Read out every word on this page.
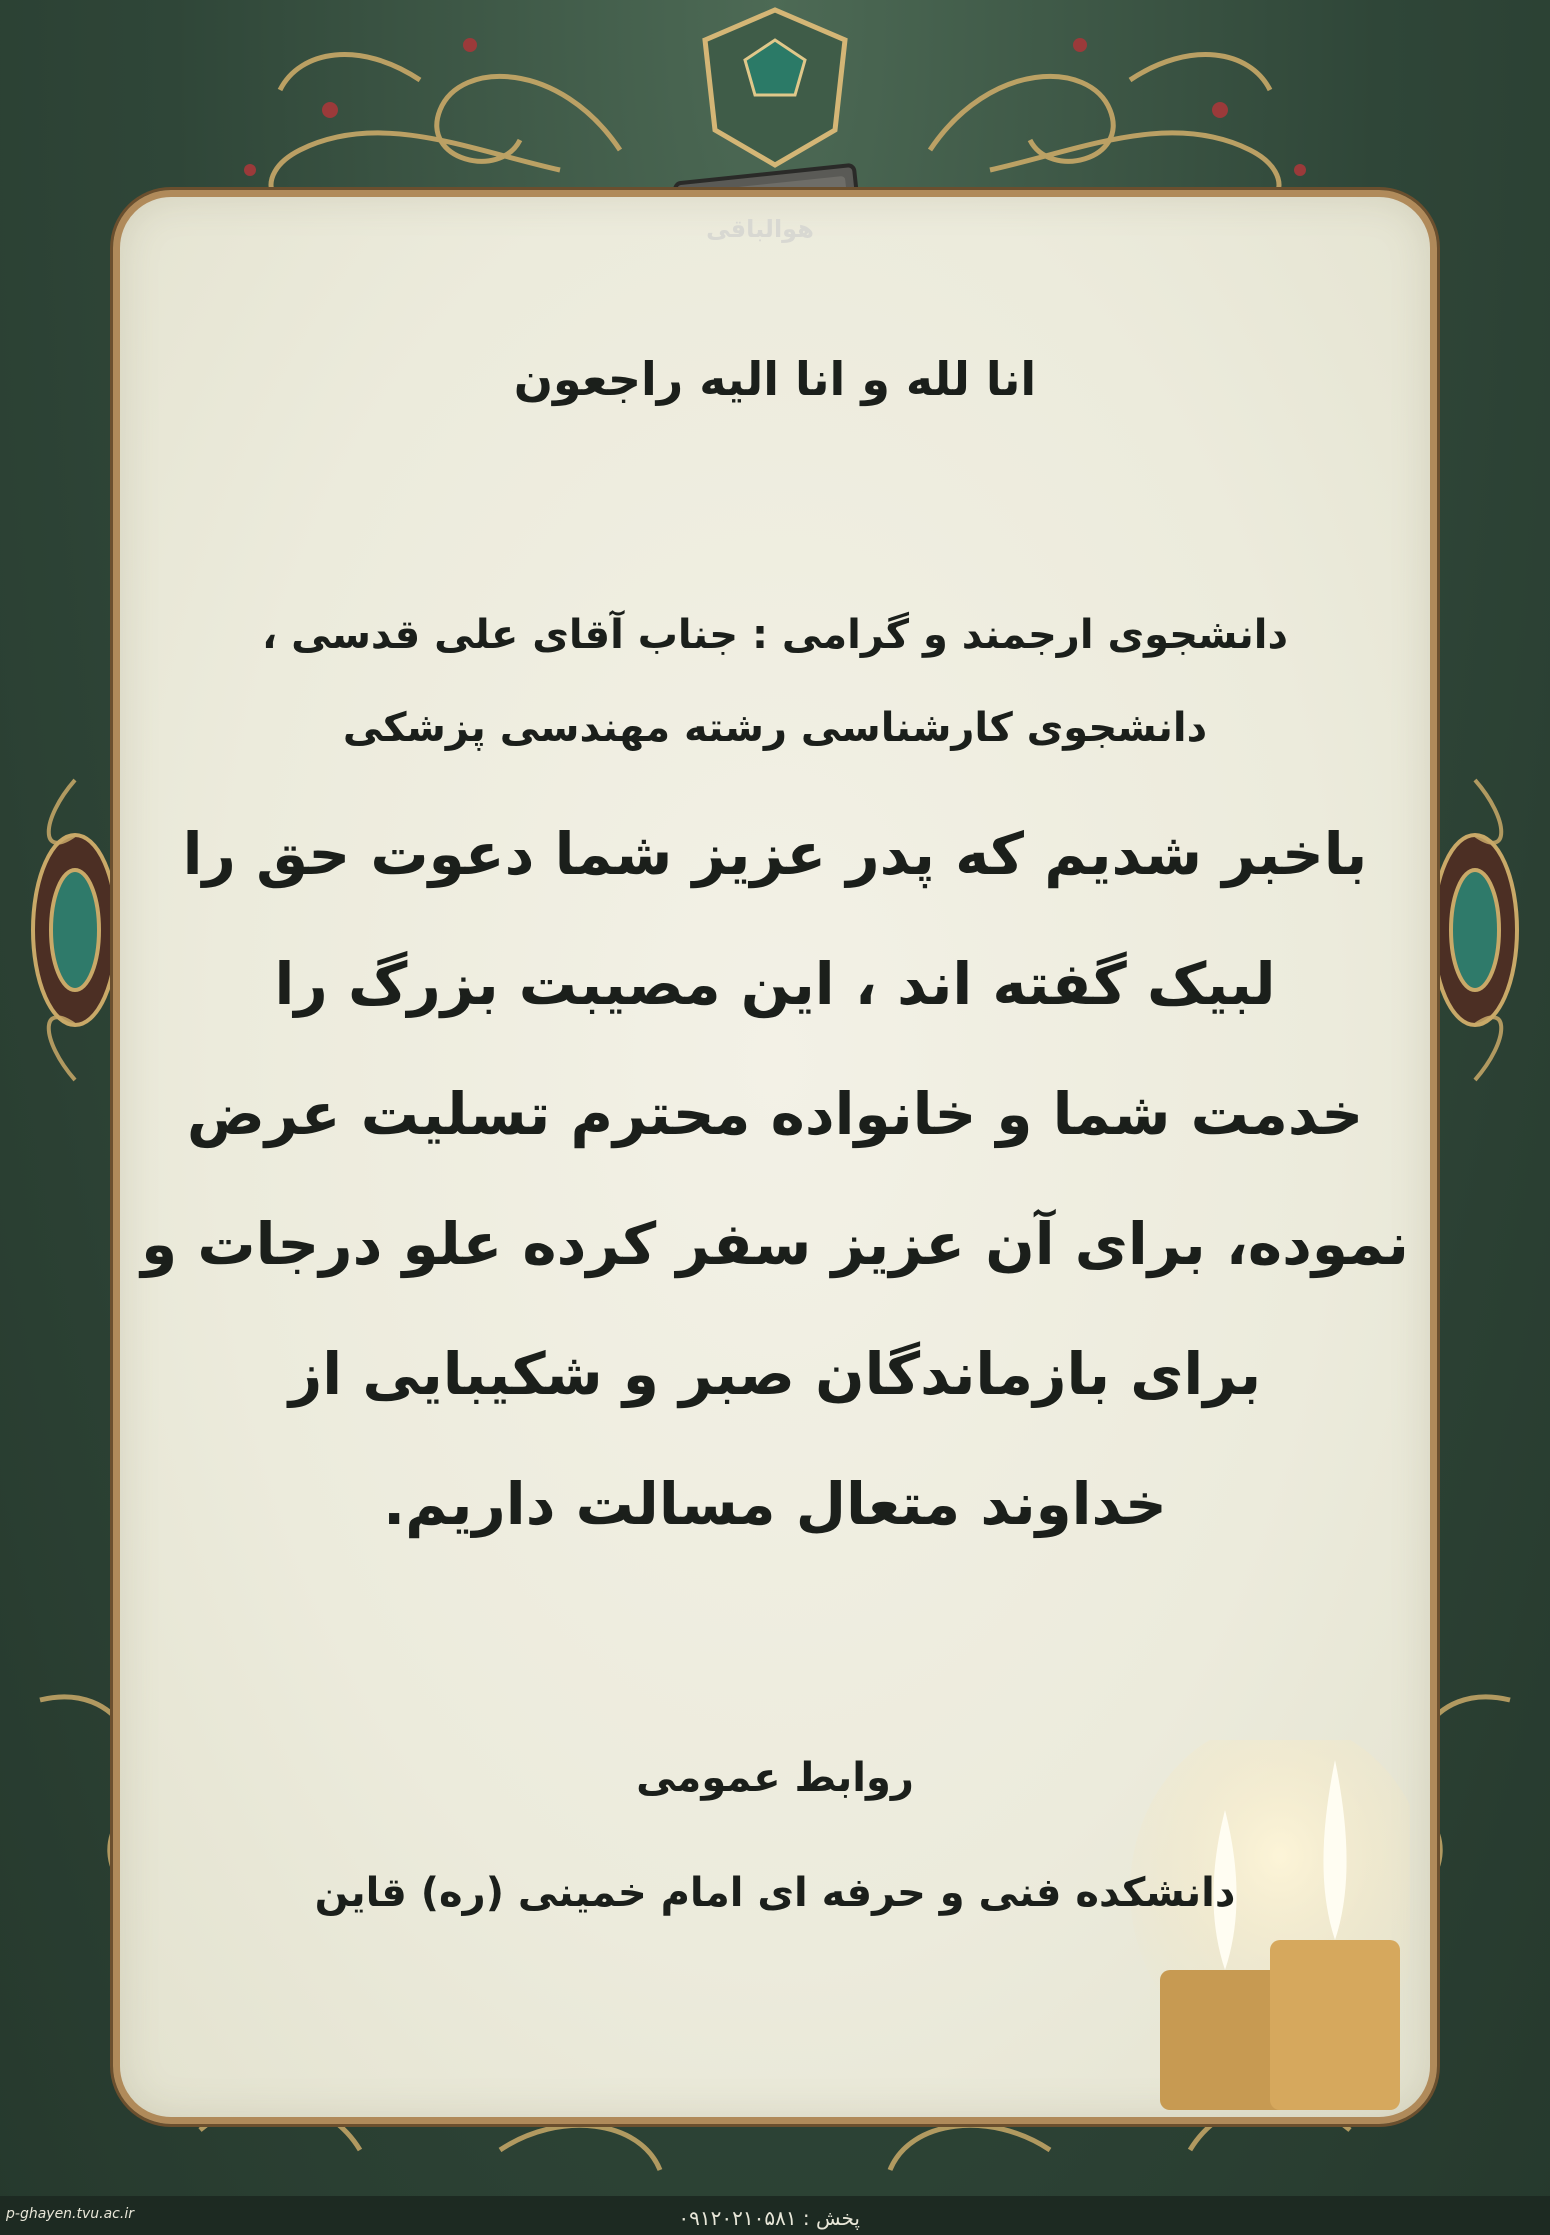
هوالباقی
انا لله و انا الیه راجعون
دانشجوی ارجمند و گرامی : جناب آقای علی قدسی ،
دانشجوی کارشناسی رشته مهندسی پزشکی
باخبر شدیم که پدر عزیز شما دعوت حق را
لبیک گفته اند ، این مصیبت بزرگ را
خدمت شما و خانواده محترم تسلیت عرض
نموده، برای آن عزیز سفر کرده علو درجات و
برای بازماندگان صبر و شکیبایی از
خداوند متعال مسالت داریم.
روابط عمومی
دانشکده فنی و حرفه ای امام خمینی (ره) قاین
پخش : ۰۹۱۲۰۲۱۰۵۸۱
p-ghayen.tvu.ac.ir
